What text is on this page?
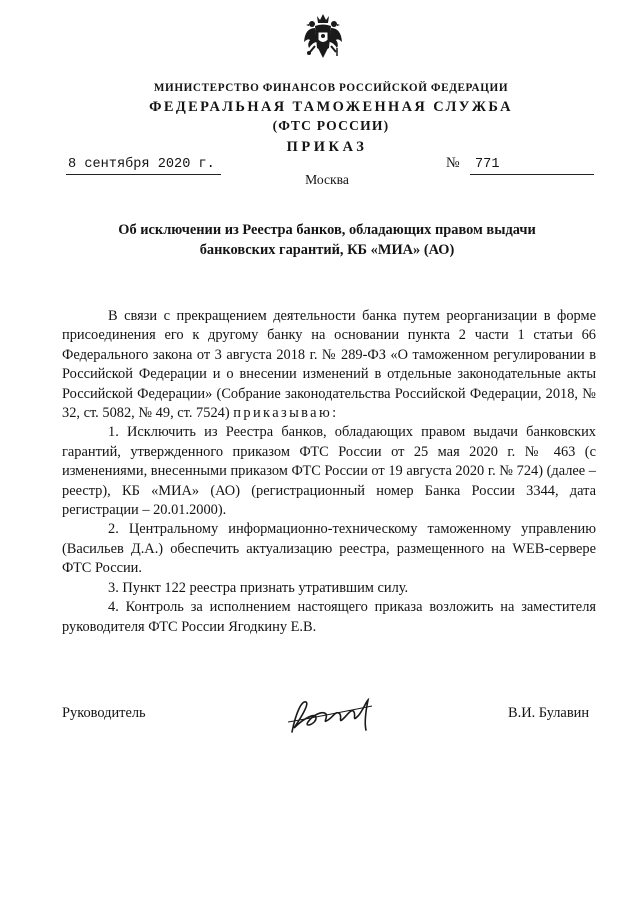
МИНИСТЕРСТВО ФИНАНСОВ РОССИЙСКОЙ ФЕДЕРАЦИИ
ФЕДЕРАЛЬНАЯ ТАМОЖЕННАЯ СЛУЖБА
(ФТС РОССИИ)
ПРИКАЗ
8 сентября 2020 г.	№ 771
Москва
Об исключении из Реестра банков, обладающих правом выдачи банковских гарантий, КБ «МИА» (АО)

В связи с прекращением деятельности банка путем реорганизации в форме присоединения его к другому банку на основании пункта 2 части 1 статьи 66 Федерального закона от 3 августа 2018 г. № 289-ФЗ «О таможенном регулировании в Российской Федерации и о внесении изменений в отдельные законодательные акты Российской Федерации» (Собрание законодательства Российской Федерации, 2018, № 32, ст. 5082, № 49, ст. 7524) приказываю:

1. Исключить из Реестра банков, обладающих правом выдачи банковских гарантий, утвержденного приказом ФТС России от 25 мая 2020 г. № 463 (с изменениями, внесенными приказом ФТС России от 19 августа 2020 г. № 724) (далее – реестр), КБ «МИА» (АО) (регистрационный номер Банка России 3344, дата регистрации – 20.01.2000).

2. Центральному информационно-техническому таможенному управлению (Васильев Д.А.) обеспечить актуализацию реестра, размещенного на WEB-сервере ФТС России.

3. Пункт 122 реестра признать утратившим силу.

4. Контроль за исполнением настоящего приказа возложить на заместителя руководителя ФТС России Ягодкину Е.В.

Руководитель	В.И. Булавин
